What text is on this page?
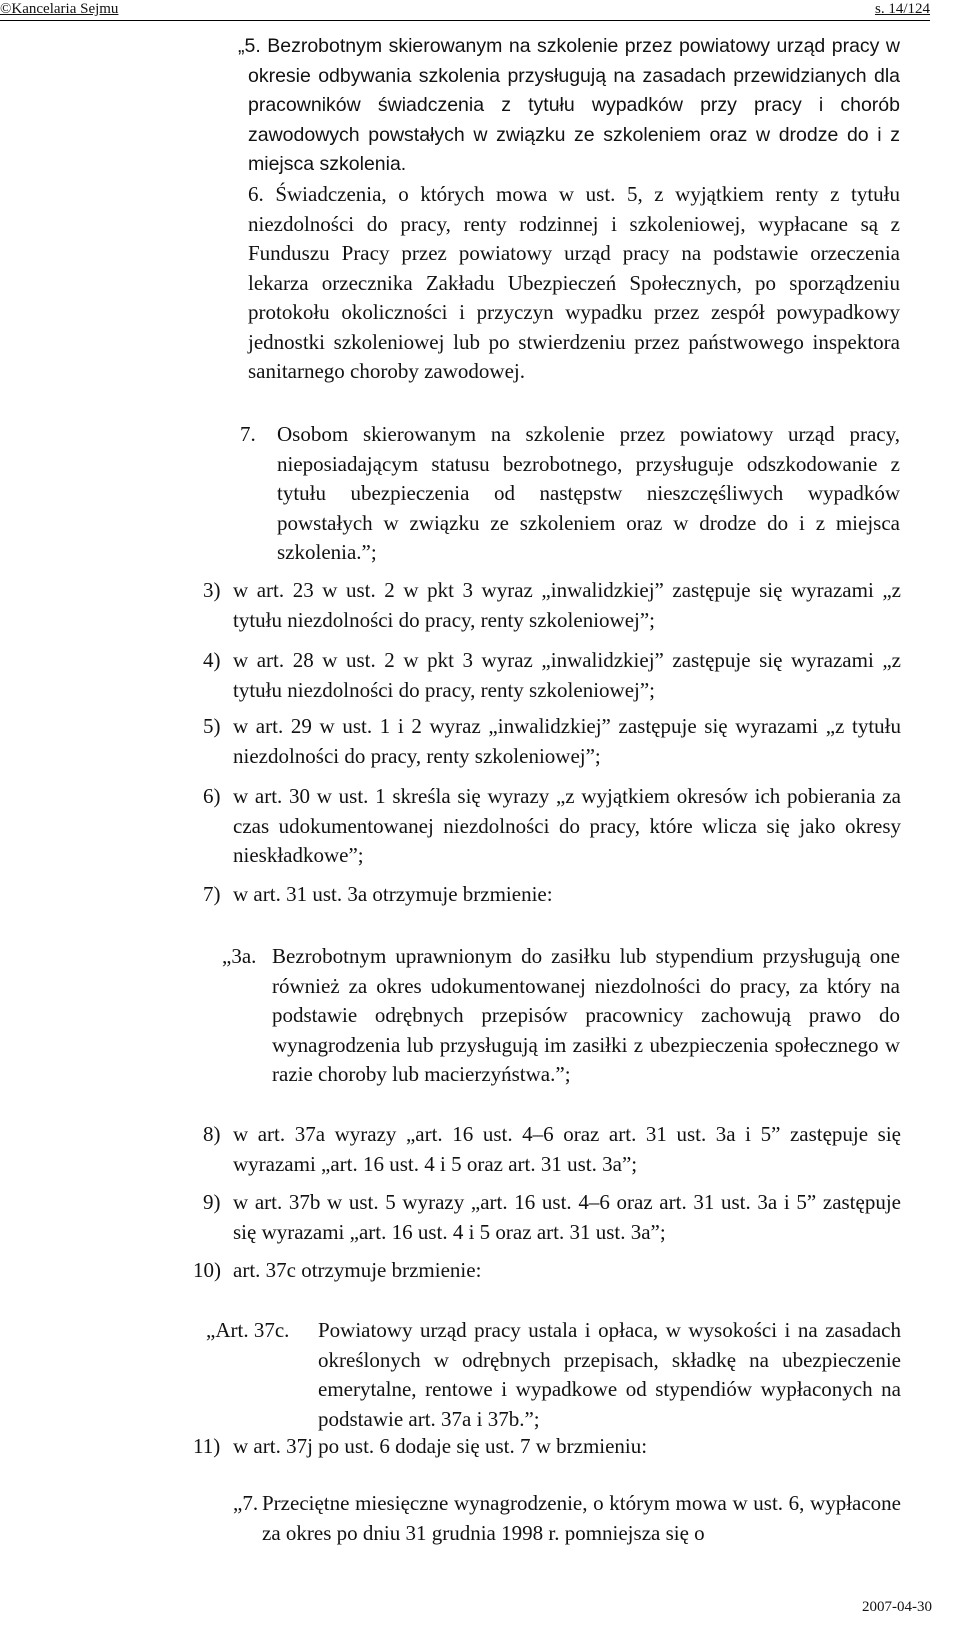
©Kancelaria Sejmu	s. 14/124
„5. Bezrobotnym skierowanym na szkolenie przez powiatowy urząd pracy w okresie odbywania szkolenia przysługują na zasadach przewidzianych dla pracowników świadczenia z tytułu wypadków przy pracy i chorób zawodowych powstałych w związku ze szkoleniem oraz w drodze do i z miejsca szkolenia.
6. Świadczenia, o których mowa w ust. 5, z wyjątkiem renty z tytułu niezdolności do pracy, renty rodzinnej i szkoleniowej, wypłacane są z Funduszu Pracy przez powiatowy urząd pracy na podstawie orzeczenia lekarza orzecznika Zakładu Ubezpieczeń Społecznych, po sporządzeniu protokołu okoliczności i przyczyn wypadku przez zespół powypadkowy jednostki szkoleniowej lub po stwierdzeniu przez państwowego inspektora sanitarnego choroby zawodowej.
7.	Osobom skierowanym na szkolenie przez powiatowy urząd pracy, nieposiadającym statusu bezrobotnego, przysługuje odszkodowanie z tytułu ubezpieczenia od następstw nieszczęśliwych wypadków powstałych w związku ze szkoleniem oraz w drodze do i z miejsca szkolenia.”;
3) w art. 23 w ust. 2 w pkt 3 wyraz „inwalidzkiej” zastępuje się wyrazami „z tytułu niezdolności do pracy, renty szkoleniowej”;
4) w art. 28 w ust. 2 w pkt 3 wyraz „inwalidzkiej” zastępuje się wyrazami „z tytułu niezdolności do pracy, renty szkoleniowej”;
5) w art. 29 w ust. 1 i 2 wyraz „inwalidzkiej” zastępuje się wyrazami „z tytułu niezdolności do pracy, renty szkoleniowej”;
6) w art. 30 w ust. 1 skreśla się wyrazy „z wyjątkiem okresów ich pobierania za czas udokumentowanej niezdolności do pracy, które wlicza się jako okresy nieskładkowe”;
7) w art. 31 ust. 3a otrzymuje brzmienie:
„3a. Bezrobotnym uprawnionym do zasiłku lub stypendium przysługują one również za okres udokumentowanej niezdolności do pracy, za który na podstawie odrębnych przepisów pracownicy zachowują prawo do wynagrodzenia lub przysługują im zasiłki z ubezpieczenia społecznego w razie choroby lub macierzyństwa.”;
8) w art. 37a wyrazy „art. 16 ust. 4–6 oraz art. 31 ust. 3a i 5” zastępuje się wyrazami „art. 16 ust. 4 i 5 oraz art. 31 ust. 3a”;
9) w art. 37b w ust. 5 wyrazy „art. 16 ust. 4–6 oraz art. 31 ust. 3a i 5” zastępuje się wyrazami „art. 16 ust. 4 i 5 oraz art. 31 ust. 3a”;
10) art. 37c otrzymuje brzmienie:
„Art. 37c.	Powiatowy urząd pracy ustala i opłaca, w wysokości i na zasadach określonych w odrębnych przepisach, składkę na ubezpieczenie emerytalne, rentowe i wypadkowe od stypendiów wypłaconych na podstawie art. 37a i 37b.”;
11) w art. 37j po ust. 6 dodaje się ust. 7 w brzmieniu:
„7. Przeciętne miesięczne wynagrodzenie, o którym mowa w ust. 6, wypłacone za okres po dniu 31 grudnia 1998 r. pomniejsza się o
2007-04-30
